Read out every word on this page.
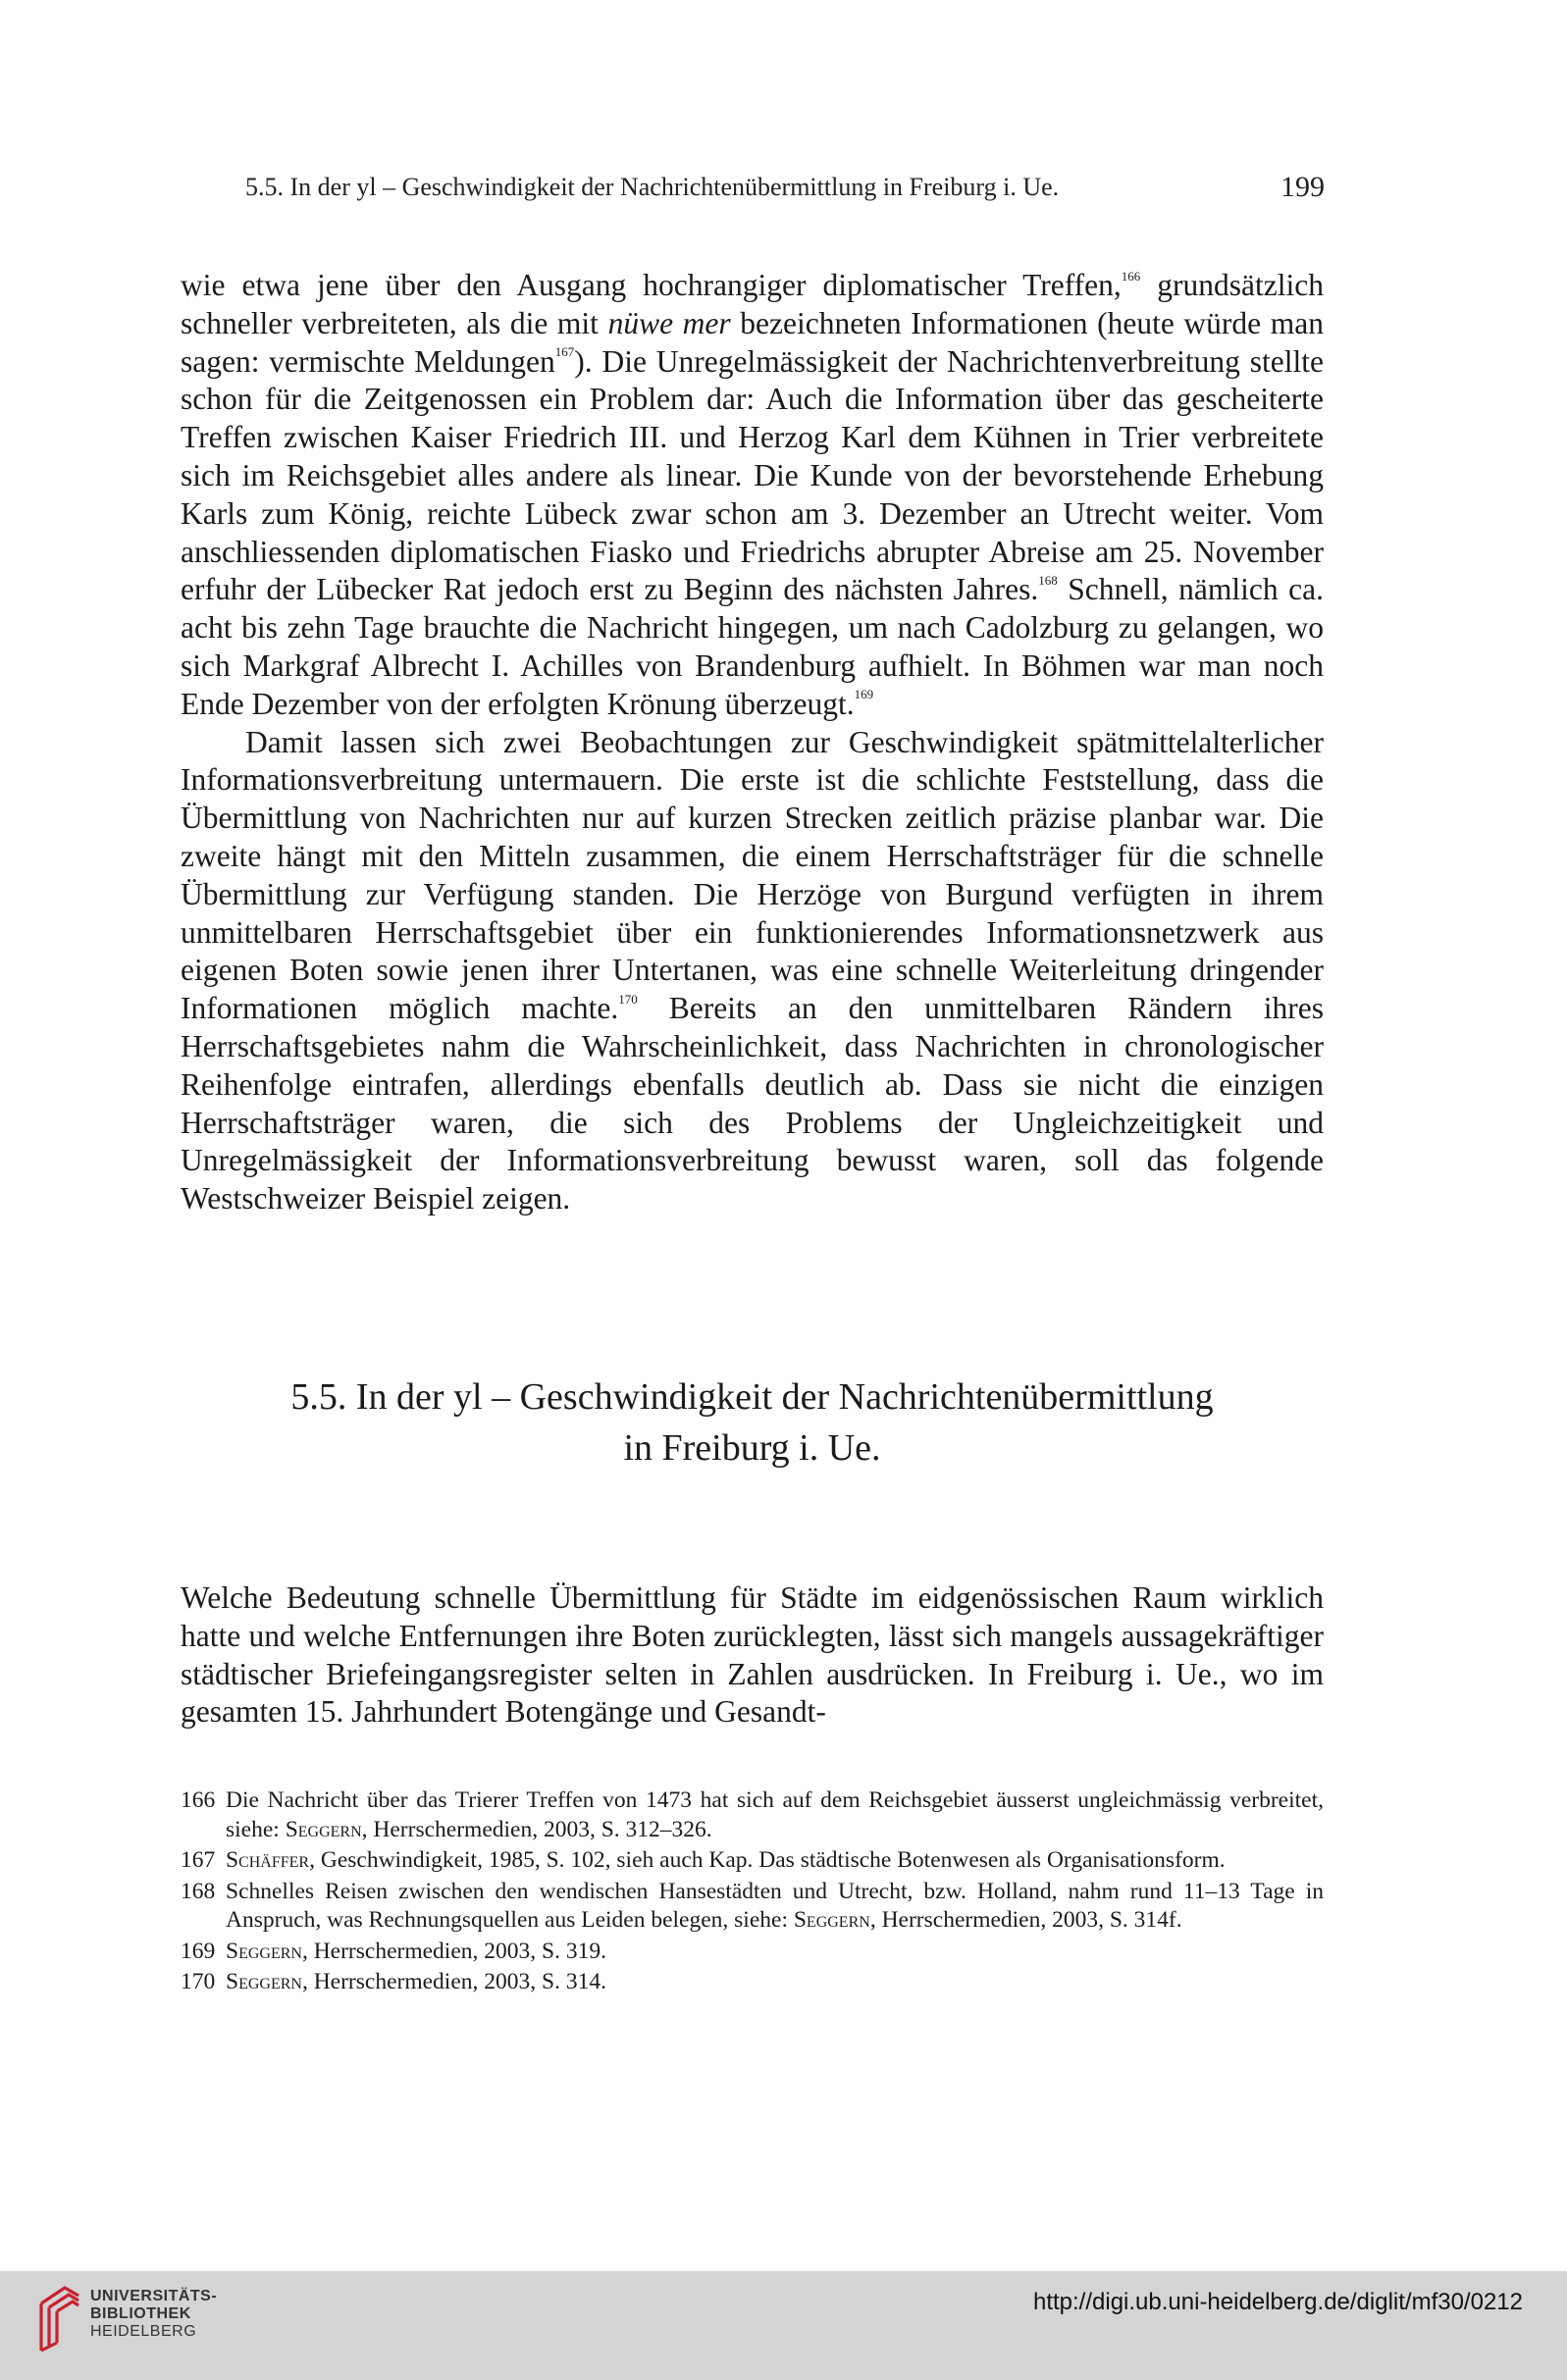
5.5. In der yl – Geschwindigkeit der Nachrichtenübermittlung in Freiburg i. Ue.	199

wie etwa jene über den Ausgang hochrangiger diplomatischer Treffen,$^{166}$ grundsätzlich schneller verbreiteten, als die mit nüwe mer bezeichneten Informationen (heute würde man sagen: vermischte Meldungen$^{167}$). Die Unregelmässigkeit der Nachrichtenverbreitung stellte schon für die Zeitgenossen ein Problem dar: Auch die Information über das gescheiterte Treffen zwischen Kaiser Friedrich III. und Herzog Karl dem Kühnen in Trier verbreitete sich im Reichsgebiet alles andere als linear. Die Kunde von der bevorstehende Erhebung Karls zum König, reichte Lübeck zwar schon am 3. Dezember an Utrecht weiter. Vom anschliessenden diplomatischen Fiasko und Friedrichs abrupter Abreise am 25. November erfuhr der Lübecker Rat jedoch erst zu Beginn des nächsten Jahres.$^{168}$ Schnell, nämlich ca. acht bis zehn Tage brauchte die Nachricht hingegen, um nach Cadolzburg zu gelangen, wo sich Markgraf Albrecht I. Achilles von Brandenburg aufhielt. In Böhmen war man noch Ende Dezember von der erfolgten Krönung überzeugt.$^{169}$

Damit lassen sich zwei Beobachtungen zur Geschwindigkeit spätmittelalterlicher Informationsverbreitung untermauern. Die erste ist die schlichte Feststellung, dass die Übermittlung von Nachrichten nur auf kurzen Strecken zeitlich präzise planbar war. Die zweite hängt mit den Mitteln zusammen, die einem Herrschaftsträger für die schnelle Übermittlung zur Verfügung standen. Die Herzöge von Burgund verfügten in ihrem unmittelbaren Herrschaftsgebiet über ein funktionierendes Informationsnetzwerk aus eigenen Boten sowie jenen ihrer Untertanen, was eine schnelle Weiterleitung dringender Informationen möglich machte.$^{170}$ Bereits an den unmittelbaren Rändern ihres Herrschaftsgebietes nahm die Wahrscheinlichkeit, dass Nachrichten in chronologischer Reihenfolge eintrafen, allerdings ebenfalls deutlich ab. Dass sie nicht die einzigen Herrschaftsträger waren, die sich des Problems der Ungleichzeitigkeit und Unregelmässigkeit der Informationsverbreitung bewusst waren, soll das folgende Westschweizer Beispiel zeigen.

5.5. In der yl – Geschwindigkeit der Nachrichtenübermittlung
in Freiburg i. Ue.

Welche Bedeutung schnelle Übermittlung für Städte im eidgenössischen Raum wirklich hatte und welche Entfernungen ihre Boten zurücklegten, lässt sich mangels aussagekräftiger städtischer Briefeingangsregister selten in Zahlen ausdrücken. In Freiburg i. Ue., wo im gesamten 15. Jahrhundert Botengänge und Gesandt-

166 Die Nachricht über das Trierer Treffen von 1473 hat sich auf dem Reichsgebiet äusserst ungleichmässig verbreitet, siehe: Seggern, Herrschermedien, 2003, S. 312–326.

167 Schäffer, Geschwindigkeit, 1985, S. 102, sieh auch Kap. Das städtische Botenwesen als Organisationsform.

168 Schnelles Reisen zwischen den wendischen Hansestädten und Utrecht, bzw. Holland, nahm rund 11–13 Tage in Anspruch, was Rechnungsquellen aus Leiden belegen, siehe: Seggern, Herrschermedien, 2003, S. 314f.

169 Seggern, Herrschermedien, 2003, S. 319.

170 Seggern, Herrschermedien, 2003, S. 314.

UNIVERSITÄTS-
BIBLIOTHEK
HEIDELBERG
http://digi.ub.uni-heidelberg.de/diglit/mf30/0212
